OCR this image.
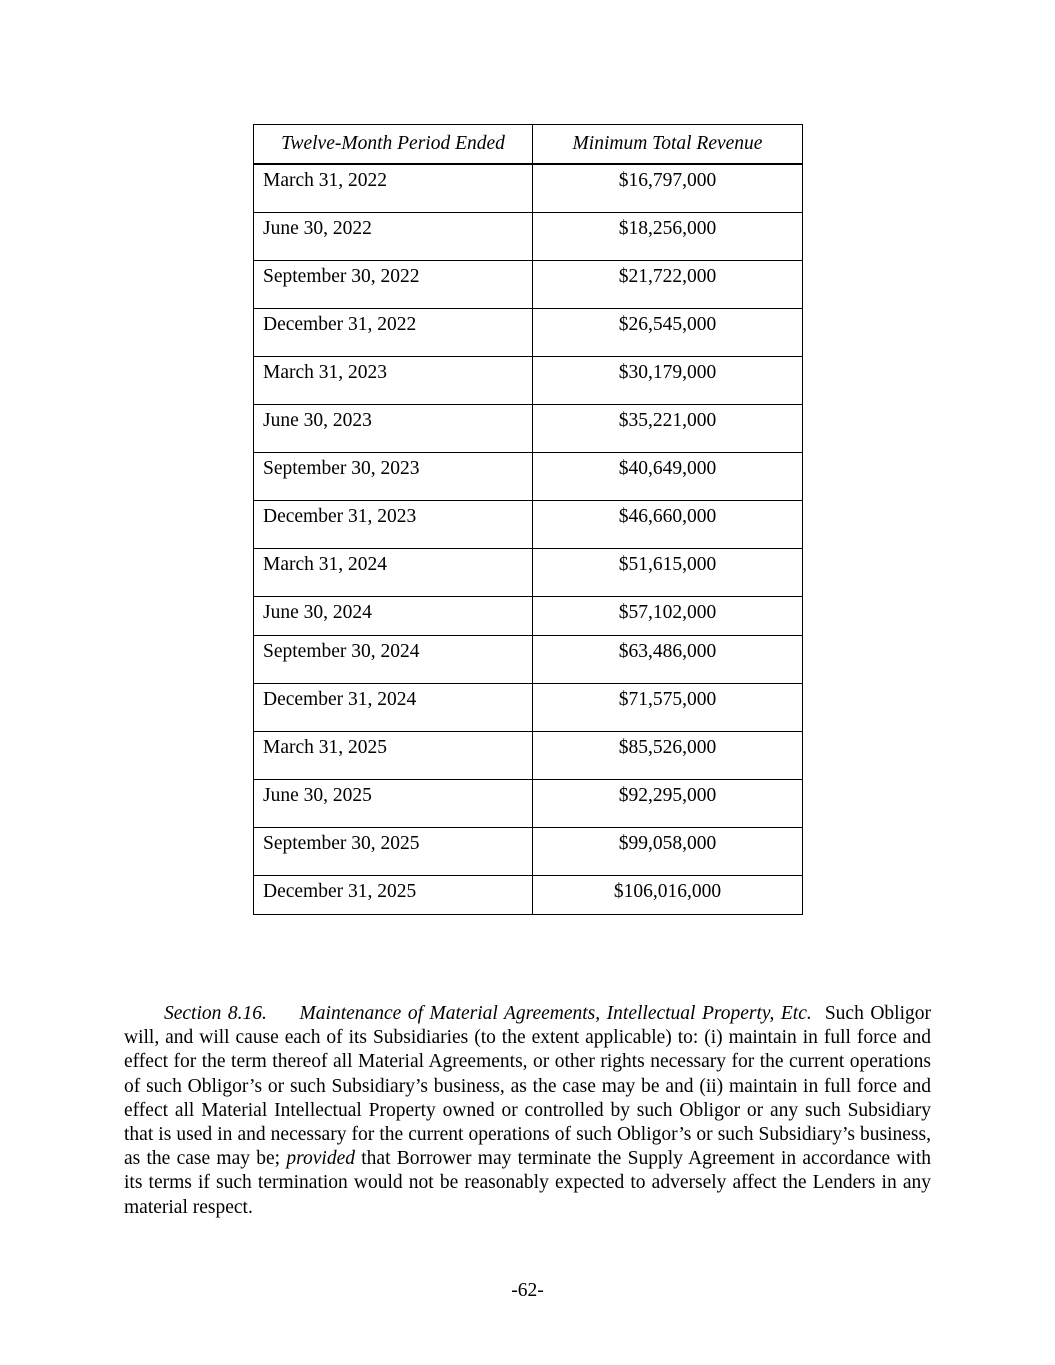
Twelve-Month Period Ended	Minimum Total Revenue
March 31, 2022	$16,797,000
June 30, 2022	$18,256,000
September 30, 2022	$21,722,000
December 31, 2022	$26,545,000
March 31, 2023	$30,179,000
June 30, 2023	$35,221,000
September 30, 2023	$40,649,000
December 31, 2023	$46,660,000
March 31, 2024	$51,615,000
June 30, 2024	$57,102,000
September 30, 2024	$63,486,000
December 31, 2024	$71,575,000
March 31, 2025	$85,526,000
June 30, 2025	$92,295,000
September 30, 2025	$99,058,000
December 31, 2025	$106,016,000

Section 8.16. Maintenance of Material Agreements, Intellectual Property, Etc. Such Obligor will, and will cause each of its Subsidiaries (to the extent applicable) to: (i) maintain in full force and effect for the term thereof all Material Agreements, or other rights necessary for the current operations of such Obligor’s or such Subsidiary’s business, as the case may be and (ii) maintain in full force and effect all Material Intellectual Property owned or controlled by such Obligor or any such Subsidiary that is used in and necessary for the current operations of such Obligor’s or such Subsidiary’s business, as the case may be; provided that Borrower may terminate the Supply Agreement in accordance with its terms if such termination would not be reasonably expected to adversely affect the Lenders in any material respect.

-62-
